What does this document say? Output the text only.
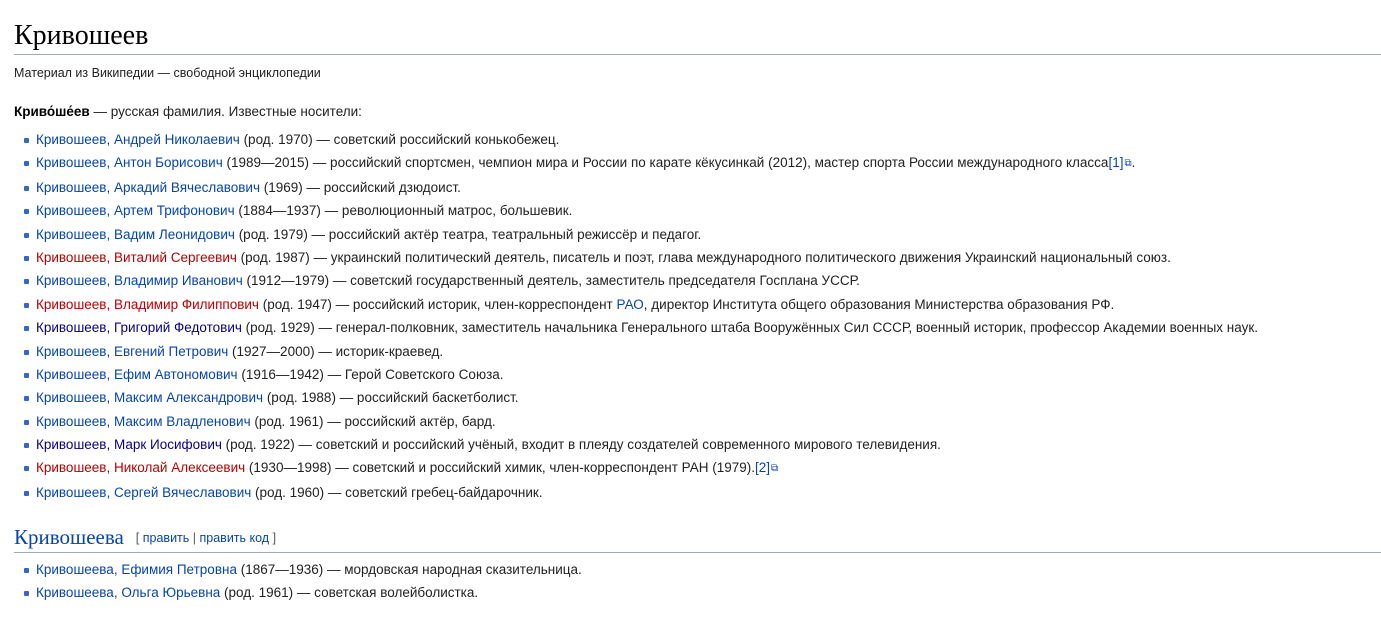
Кривошеев
Материал из Википедии — свободной энциклопедии
Криво́ше́ев — русская фамилия. Известные носители:
Кривошеев, Андрей Николаевич (род. 1970) — советский российский конькобежец.
Кривошеев, Антон Борисович (1989—2015) — российский спортсмен, чемпион мира и России по карате кёкусинкай (2012), мастер спорта России международного класса[1]⧉.
Кривошеев, Аркадий Вячеславович (1969) — российский дзюдоист.
Кривошеев, Артем Трифонович (1884—1937) — революционный матрос, большевик.
Кривошеев, Вадим Леонидович (род. 1979) — российский актёр театра, театральный режиссёр и педагог.
Кривошеев, Виталий Сергеевич (род. 1987) — украинский политический деятель, писатель и поэт, глава международного политического движения Украинский национальный союз.
Кривошеев, Владимир Иванович (1912—1979) — советский государственный деятель, заместитель председателя Госплана УССР.
Кривошеев, Владимир Филиппович (род. 1947) — российский историк, член-корреспондент РАО, директор Института общего образования Министерства образования РФ.
Кривошеев, Григорий Федотович (род. 1929) — генерал-полковник, заместитель начальника Генерального штаба Вооружённых Сил СССР, военный историк, профессор Академии военных наук.
Кривошеев, Евгений Петрович (1927—2000) — историк-краевед.
Кривошеев, Ефим Автономович (1916—1942) — Герой Советского Союза.
Кривошеев, Максим Александрович (род. 1988) — российский баскетболист.
Кривошеев, Максим Владленович (род. 1961) — российский актёр, бард.
Кривошеев, Марк Иосифович (род. 1922) — советский и российский учёный, входит в плеяду создателей современного мирового телевидения.
Кривошеев, Николай Алексеевич (1930—1998) — советский и российский химик, член-корреспондент РАН (1979).[2]⧉
Кривошеев, Сергей Вячеславович (род. 1960) — советский гребец-байдарочник.
Кривошеева [ править | править код ]
Кривошеева, Ефимия Петровна (1867—1936) — мордовская народная сказительница.
Кривошеева, Ольга Юрьевна (род. 1961) — советская волейболистка.
